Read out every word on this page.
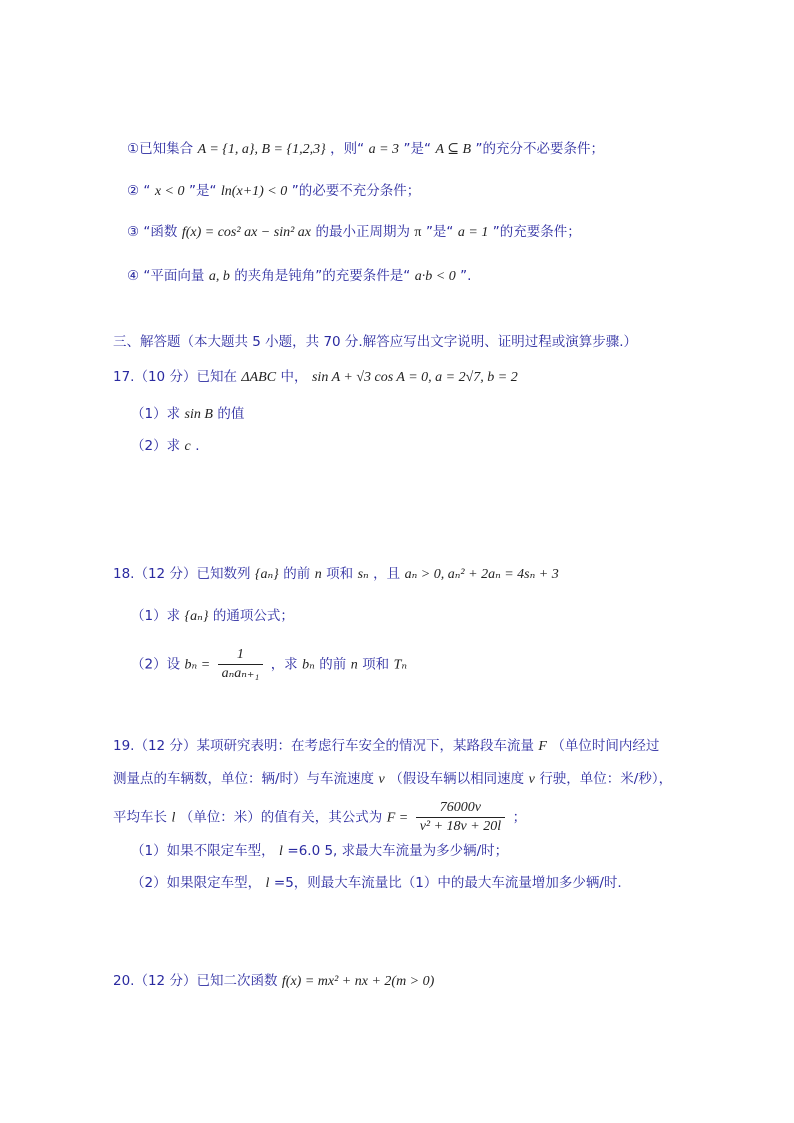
①已知集合 A = {1, a}, B = {1,2,3} ，则“ a = 3 ”是“ A ⊆ B ”的充分不必要条件；
② “ x < 0 ”是“ ln(x+1) < 0 ”的必要不充分条件；
③ “函数 f(x) = cos² ax − sin² ax 的最小正周期为 π ”是“ a = 1 ”的充要条件；
④ “平面向量 a, b 的夹角是钝角”的充要条件是“ a·b < 0 ”.
三、解答题（本大题共 5 小题，共 70 分.解答应写出文字说明、证明过程或演算步骤.）
17.（10 分）已知在 ΔABC 中， sin A + √3 cos A = 0, a = 2√7, b = 2
（1）求 sin B 的值
（2）求 c .
18.（12 分）已知数列 {aₙ} 的前 n 项和 sₙ ，且 aₙ > 0, aₙ² + 2aₙ = 4sₙ + 3
（1）求 {aₙ} 的通项公式；
（2）设 $b_n = \frac{1}{\text{aₙaₙ₊₁}}$ ，求 bₙ 的前 n 项和 Tₙ
19.（12 分）某项研究表明：在考虑行车安全的情况下，某路段车流量 F （单位时间内经过
测量点的车辆数，单位：辆/时）与车流速度 v （假设车辆以相同速度 v 行驶，单位：米/秒），
平均车长 l （单位：米）的值有关，其公式为 $F = \frac{76000v}{\text{v² + 18v + 20l}}$ ；
（1）如果不限定车型， l =6.0 5, 求最大车流量为多少辆/时；
（2）如果限定车型， l =5，则最大车流量比（1）中的最大车流量增加多少辆/时.
20.（12 分）已知二次函数 f(x) = mx² + nx + 2(m > 0)
